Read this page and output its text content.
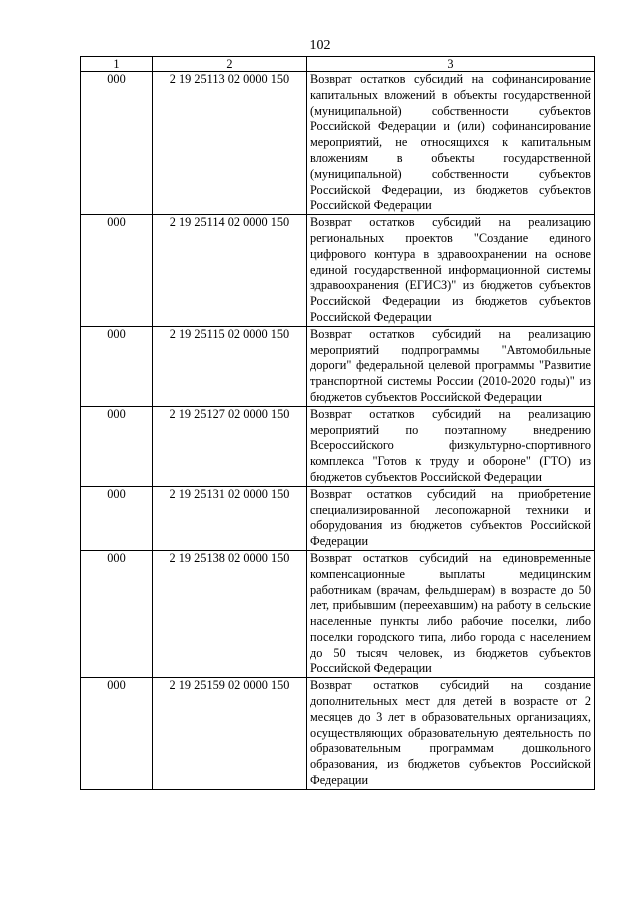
102
1	2	3
000	2 19 25113 02 0000 150	Возврат остатков субсидий на софинансирование капитальных вложений в объекты государственной (муниципальной) собственности субъектов Российской Федерации и (или) софинансирование мероприятий, не относящихся к капитальным вложениям в объекты государственной (муниципальной) собственности субъектов Российской Федерации, из бюджетов субъектов Российской Федерации
000	2 19 25114 02 0000 150	Возврат остатков субсидий на реализацию региональных проектов "Создание единого цифрового контура в здравоохранении на основе единой государственной информационной системы здравоохранения (ЕГИСЗ)" из бюджетов субъектов Российской Федерации из бюджетов субъектов Российской Федерации
000	2 19 25115 02 0000 150	Возврат остатков субсидий на реализацию мероприятий подпрограммы "Автомобильные дороги" федеральной целевой программы "Развитие транспортной системы России (2010-2020 годы)" из бюджетов субъектов Российской Федерации
000	2 19 25127 02 0000 150	Возврат остатков субсидий на реализацию мероприятий по поэтапному внедрению Всероссийского физкультурно-спортивного комплекса "Готов к труду и обороне" (ГТО) из бюджетов субъектов Российской Федерации
000	2 19 25131 02 0000 150	Возврат остатков субсидий на приобретение специализированной лесопожарной техники и оборудования из бюджетов субъектов Российской Федерации
000	2 19 25138 02 0000 150	Возврат остатков субсидий на единовременные компенсационные выплаты медицинским работникам (врачам, фельдшерам) в возрасте до 50 лет, прибывшим (переехавшим) на работу в сельские населенные пункты либо рабочие поселки, либо поселки городского типа, либо города с населением до 50 тысяч человек, из бюджетов субъектов Российской Федерации
000	2 19 25159 02 0000 150	Возврат остатков субсидий на создание дополнительных мест для детей в возрасте от 2 месяцев до 3 лет в образовательных организациях, осуществляющих образовательную деятельность по образовательным программам дошкольного образования, из бюджетов субъектов Российской Федерации
